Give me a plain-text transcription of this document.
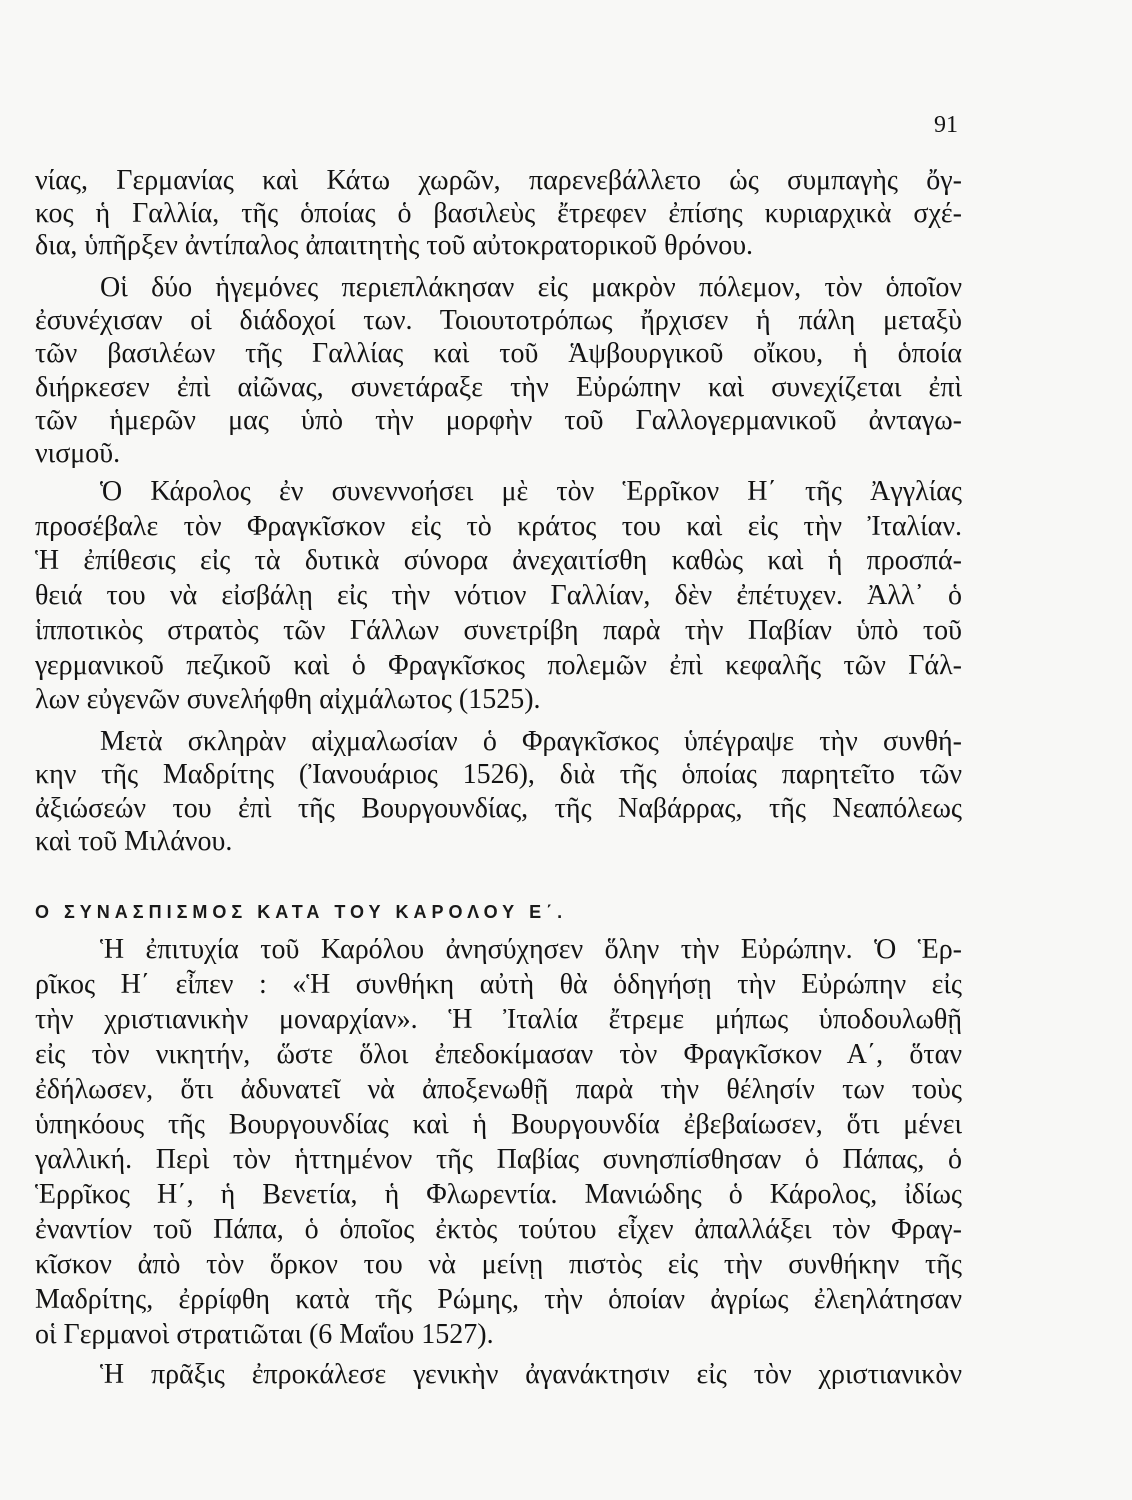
91
νίας, Γερμανίας καὶ Κάτω χωρῶν, παρενεβάλλετο ὡς συμπαγὴς ὄγ-
κος ἡ Γαλλία, τῆς ὁποίας ὁ βασιλεὺς ἔτρεφεν ἐπίσης κυριαρχικὰ σχέ-
δια, ὑπῆρξεν ἀντίπαλος ἀπαιτητὴς τοῦ αὐτοκρατορικοῦ θρόνου.
Οἱ δύο ἡγεμόνες περιεπλάκησαν εἰς μακρὸν πόλεμον, τὸν ὁποῖον
ἐσυνέχισαν οἱ διάδοχοί των. Τοιουτοτρόπως ἤρχισεν ἡ πάλη μεταξὺ
τῶν βασιλέων τῆς Γαλλίας καὶ τοῦ Ἁψβουργικοῦ οἴκου, ἡ ὁποία
διήρκεσεν ἐπὶ αἰῶνας, συνετάραξε τὴν Εὐρώπην καὶ συνεχίζεται ἐπὶ
τῶν ἡμερῶν μας ὑπὸ τὴν μορφὴν τοῦ Γαλλογερμανικοῦ ἀνταγω-
νισμοῦ.
Ὁ Κάρολος ἐν συνεννοήσει μὲ τὸν Ἑρρῖκον Η΄ τῆς Ἀγγλίας
προσέβαλε τὸν Φραγκῖσκον εἰς τὸ κράτος του καὶ εἰς τὴν Ἰταλίαν.
Ἡ ἐπίθεσις εἰς τὰ δυτικὰ σύνορα ἀνεχαιτίσθη καθὼς καὶ ἡ προσπά-
θειά του νὰ εἰσβάλῃ εἰς τὴν νότιον Γαλλίαν, δὲν ἐπέτυχεν. Ἀλλ᾿ ὁ
ἱπποτικὸς στρατὸς τῶν Γάλλων συνετρίβη παρὰ τὴν Παβίαν ὑπὸ τοῦ
γερμανικοῦ πεζικοῦ καὶ ὁ Φραγκῖσκος πολεμῶν ἐπὶ κεφαλῆς τῶν Γάλ-
λων εὐγενῶν συνελήφθη αἰχμάλωτος (1525).
Μετὰ σκληρὰν αἰχμαλωσίαν ὁ Φραγκῖσκος ὑπέγραψε τὴν συνθή-
κην τῆς Μαδρίτης (Ἰανουάριος 1526), διὰ τῆς ὁποίας παρητεῖτο τῶν
ἀξιώσεών του ἐπὶ τῆς Βουργουνδίας, τῆς Ναβάρρας, τῆς Νεαπόλεως
καὶ τοῦ Μιλάνου.
Ο ΣΥΝΑΣΠΙΣΜΟΣ ΚΑΤΑ ΤΟΥ ΚΑΡΟΛΟΥ Ε΄.
Ἡ ἐπιτυχία τοῦ Καρόλου ἀνησύχησεν ὅλην τὴν Εὐρώπην. Ὁ Ἑρ-
ρῖκος Η΄ εἶπεν : «Ἡ συνθήκη αὐτὴ θὰ ὁδηγήσῃ τὴν Εὐρώπην εἰς
τὴν χριστιανικὴν μοναρχίαν». Ἡ Ἰταλία ἔτρεμε μήπως ὑποδουλωθῇ
εἰς τὸν νικητήν, ὥστε ὅλοι ἐπεδοκίμασαν τὸν Φραγκῖσκον Α΄, ὅταν
ἐδήλωσεν, ὅτι ἀδυνατεῖ νὰ ἀποξενωθῇ παρὰ τὴν θέλησίν των τοὺς
ὑπηκόους τῆς Βουργουνδίας καὶ ἡ Βουργουνδία ἐβεβαίωσεν, ὅτι μένει
γαλλική. Περὶ τὸν ἡττημένον τῆς Παβίας συνησπίσθησαν ὁ Πάπας, ὁ
Ἑρρῖκος Η΄, ἡ Βενετία, ἡ Φλωρεντία. Μανιώδης ὁ Κάρολος, ἰδίως
ἐναντίον τοῦ Πάπα, ὁ ὁποῖος ἐκτὸς τούτου εἶχεν ἀπαλλάξει τὸν Φραγ-
κῖσκον ἀπὸ τὸν ὅρκον του νὰ μείνῃ πιστὸς εἰς τὴν συνθήκην τῆς
Μαδρίτης, ἐρρίφθη κατὰ τῆς Ρώμης, τὴν ὁποίαν ἀγρίως ἐλεηλάτησαν
οἱ Γερμανοὶ στρατιῶται (6 Μαΐου 1527).
Ἡ πρᾶξις ἐπροκάλεσε γενικὴν ἀγανάκτησιν εἰς τὸν χριστιανικὸν
